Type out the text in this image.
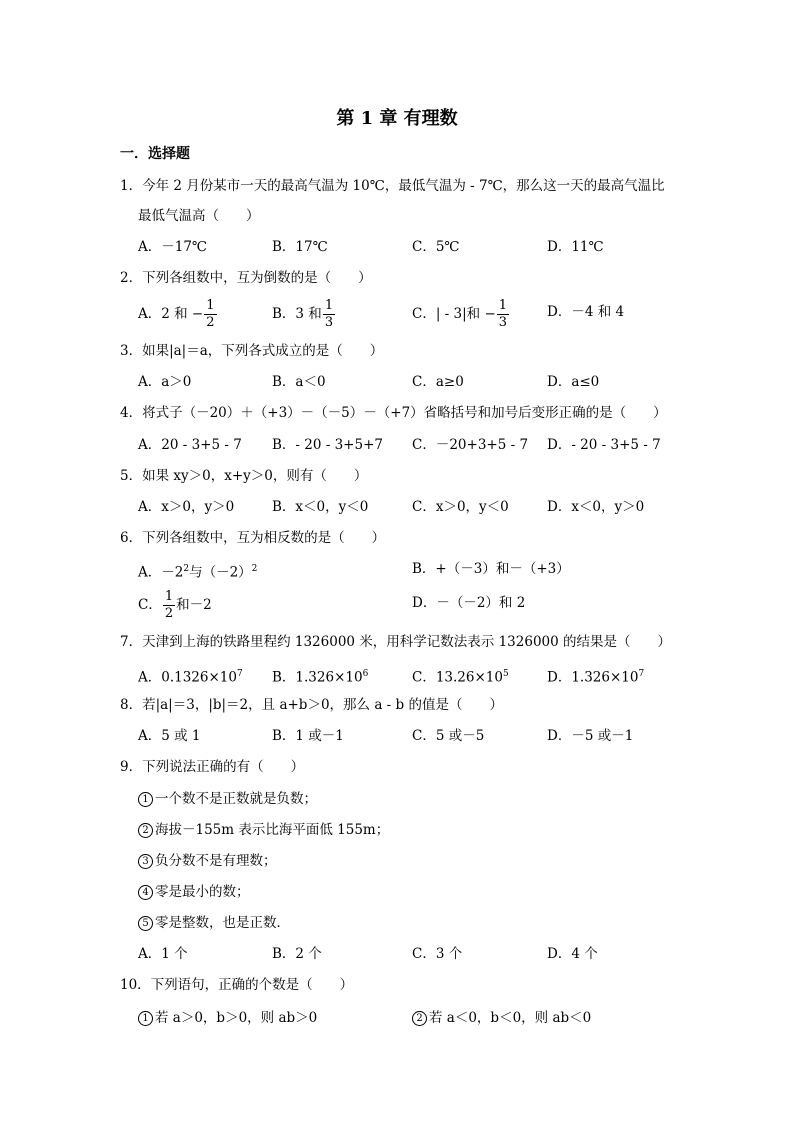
第 1 章 有理数
一．选择题
1．今年 2 月份某市一天的最高气温为 10℃，最低气温为 - 7℃，那么这一天的最高气温比
最低气温高（　　）
A．－17℃	B．17℃	C．5℃	D．11℃
2．下列各组数中，互为倒数的是（　　）
A．2 和 − $\frac{1}{2}$	B．3 和 $\frac{1}{3}$	C．| - 3|和 − $\frac{1}{3}$	D．－4 和 4
3．如果|a|＝a，下列各式成立的是（　　）
A．a＞0	B．a＜0	C．a≥0	D．a≤0
4．将式子（－20）＋（+3）－（－5）－（+7）省略括号和加号后变形正确的是（　　）
A．20 - 3+5 - 7 B．- 20 - 3+5+7 C．－20+3+5 - 7 D．- 20 - 3+5 - 7
5．如果 xy＞0，x+y＞0，则有（　　）
A．x＞0，y＞0	B．x＜0，y＜0	C．x＞0，y＜0	D．x＜0，y＞0
6．下列各组数中，互为相反数的是（　　）
A．$-2^2$与$(-2)^2$	B．+（－3）和－（+3）
C． $\frac{1}{2}$ 和－2	D．－（－2）和 2
7．天津到上海的铁路里程约 1326000 米，用科学记数法表示 1326000 的结果是（　　）
A．$0.1326\times 10^7$ B．$1.326\times 10^6$	C．$13.26\times 10^5$	D．$1.326\times 10^7$
8．若|a|＝3，|b|＝2，且 a+b＞0，那么 a - b 的值是（　　）
A．5 或 1	B．1 或－1	C．5 或－5	D．－5 或－1
9．下列说法正确的有（　　）
1 一个数不是正数就是负数；
2 海拔－155m 表示比海平面低 155m；
3 负分数不是有理数；
4 零是最小的数；
5 零是整数，也是正数．
A．1 个	B．2 个	C．3 个	D．4 个
10．下列语句，正确的个数是（　　）
1 若 a＞0，b＞0，则 ab＞0	2 若 a＜0，b＜0，则 ab＜0
